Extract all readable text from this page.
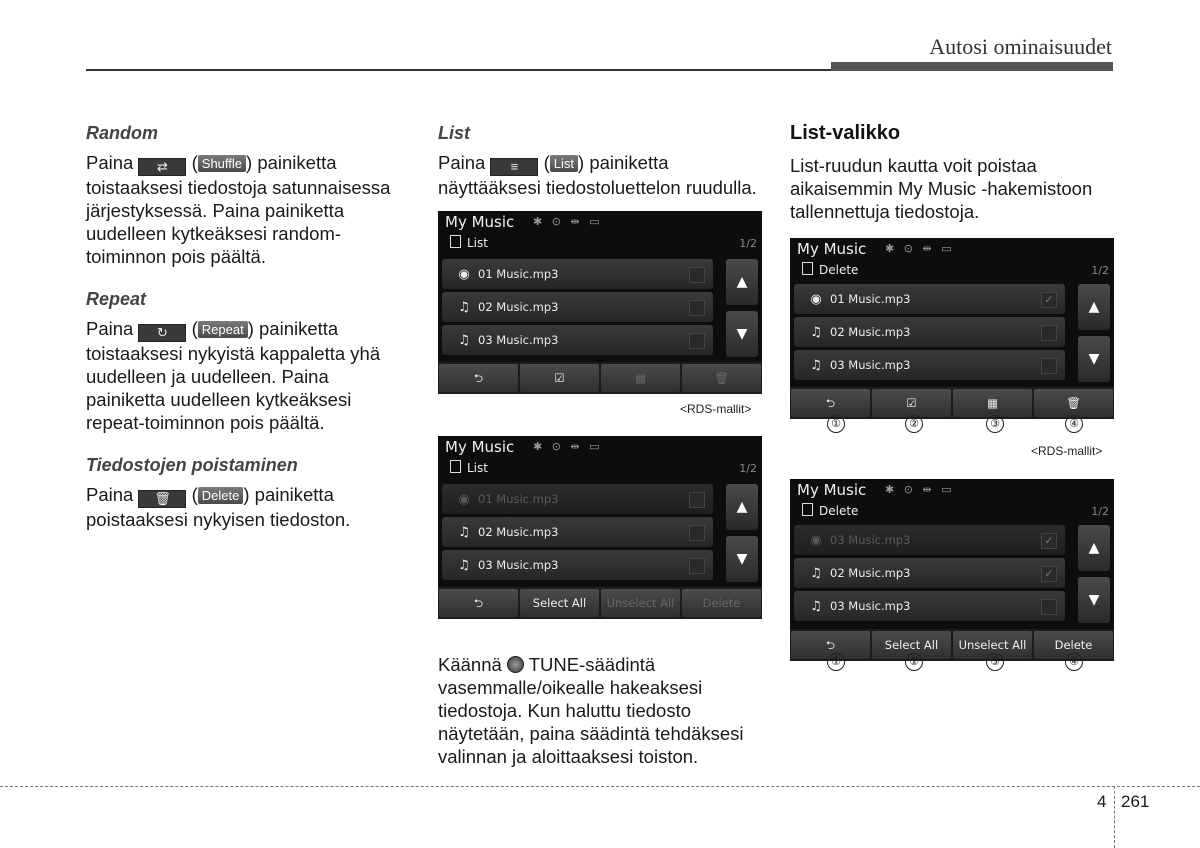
Autosi ominaisuudet
Random

Paina ⇄ ( Shuffle ) painiketta toistaaksesi tiedostoja satunnaisessa järjestyksessä. Paina painiketta uudelleen kytkeäksesi random-toiminnon pois päältä.

Repeat

Paina ↻ ( Repeat ) painiketta toistaaksesi nykyistä kappaletta yhä uudelleen ja uudelleen. Paina painiketta uudelleen kytkeäksesi repeat-toiminnon pois päältä.

Tiedostojen poistaminen

Paina 🗑 ( Delete ) painiketta poistaaksesi nykyisen tiedoston.

List

Paina ≡ ( List ) painiketta näyttääksesi tiedostoluettelon ruudulla.

My Music ✱ ⊙ ⇹ ▭
List	1/2
◉ 01 Music.mp3
♫ 02 Music.mp3
♫ 03 Music.mp3
▲
▼
⮌	☑	▦	🗑
<RDS-mallit>
My Music ✱ ⊙ ⇹ ▭
List	1/2
◉ 01 Music.mp3
♫ 02 Music.mp3
♫ 03 Music.mp3
▲
▼
⮌	Select All	Unselect All	Delete

Käännä  TUNE-säädintä vasemmalle/oikealle hakeaksesi tiedostoja. Kun haluttu tiedosto näytetään, paina säädintä tehdäksesi valinnan ja aloittaaksesi toiston.

List-valikko

List-ruudun kautta voit poistaa aikaisemmin My Music -hakemistoon tallennettuja tiedostoja.

My Music ✱ ⊙ ⇹ ▭
Delete	1/2
◉ 01 Music.mp3	✓
♫ 02 Music.mp3
♫ 03 Music.mp3
▲
▼
⮌	☑	▦	🗑
①	②	③	④
<RDS-mallit>
My Music ✱ ⊙ ⇹ ▭
Delete	1/2
◉ 03 Music.mp3	✓
♫ 02 Music.mp3	✓
♫ 03 Music.mp3
▲
▼
⮌	Select All	Unselect All	Delete
①	②	③	④
4 261
